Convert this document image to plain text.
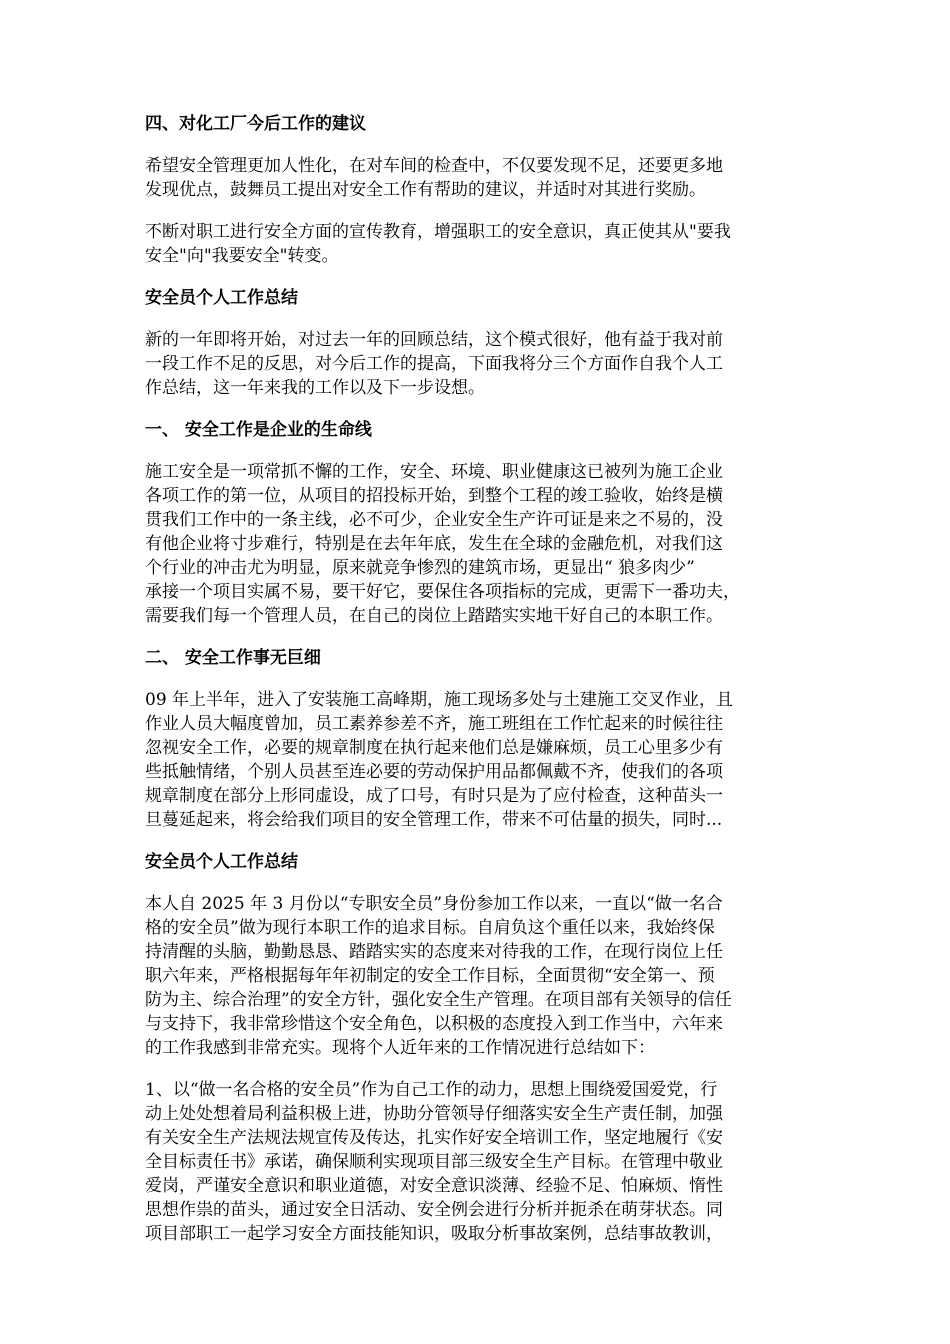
四、对化工厂今后工作的建议
希望安全管理更加人性化，在对车间的检查中，不仅要发现不足，还要更多地
发现优点，鼓舞员工提出对安全工作有帮助的建议，并适时对其进行奖励。
不断对职工进行安全方面的宣传教育，增强职工的安全意识，真正使其从"要我
安全"向"我要安全"转变。
安全员个人工作总结
新的一年即将开始，对过去一年的回顾总结，这个模式很好，他有益于我对前
一段工作不足的反思，对今后工作的提高，下面我将分三个方面作自我个人工
作总结，这一年来我的工作以及下一步设想。
一、 安全工作是企业的生命线
施工安全是一项常抓不懈的工作，安全、环境、职业健康这已被列为施工企业
各项工作的第一位，从项目的招投标开始，到整个工程的竣工验收，始终是横
贯我们工作中的一条主线，必不可少，企业安全生产许可证是来之不易的，没
有他企业将寸步难行，特别是在去年年底，发生在全球的金融危机，对我们这
个行业的冲击尤为明显，原来就竞争惨烈的建筑市场，更显出“ 狼多肉少”
承接一个项目实属不易，要干好它，要保住各项指标的完成，更需下一番功夫，
需要我们每一个管理人员，在自己的岗位上踏踏实实地干好自己的本职工作。
二、 安全工作事无巨细
09 年上半年，进入了安装施工高峰期，施工现场多处与土建施工交叉作业，且
作业人员大幅度曾加，员工素养参差不齐，施工班组在工作忙起来的时候往往
忽视安全工作，必要的规章制度在执行起来他们总是嫌麻烦，员工心里多少有
些抵触情绪，个别人员甚至连必要的劳动保护用品都佩戴不齐，使我们的各项
规章制度在部分上形同虚设，成了口号，有时只是为了应付检查，这种苗头一
旦蔓延起来，将会给我们项目的安全管理工作，带来不可估量的损失，同时...
安全员个人工作总结
本人自 2025 年 3 月份以“专职安全员”身份参加工作以来，一直以“做一名合
格的安全员”做为现行本职工作的追求目标。自肩负这个重任以来，我始终保
持清醒的头脑，勤勤恳恳、踏踏实实的态度来对待我的工作，在现行岗位上任
职六年来，严格根据每年年初制定的安全工作目标，全面贯彻“安全第一、预
防为主、综合治理”的安全方针，强化安全生产管理。在项目部有关领导的信任
与支持下，我非常珍惜这个安全角色，以积极的态度投入到工作当中，六年来
的工作我感到非常充实。现将个人近年来的工作情况进行总结如下：
1、以“做一名合格的安全员”作为自己工作的动力，思想上围绕爱国爱党，行
动上处处想着局利益积极上进，协助分管领导仔细落实安全生产责任制，加强
有关安全生产法规法规宣传及传达，扎实作好安全培训工作，坚定地履行《安
全目标责任书》承诺，确保顺利实现项目部三级安全生产目标。在管理中敬业
爱岗，严谨安全意识和职业道德，对安全意识淡薄、经验不足、怕麻烦、惰性
思想作祟的苗头，通过安全日活动、安全例会进行分析并扼杀在萌芽状态。同
项目部职工一起学习安全方面技能知识，吸取分析事故案例，总结事故教训，
